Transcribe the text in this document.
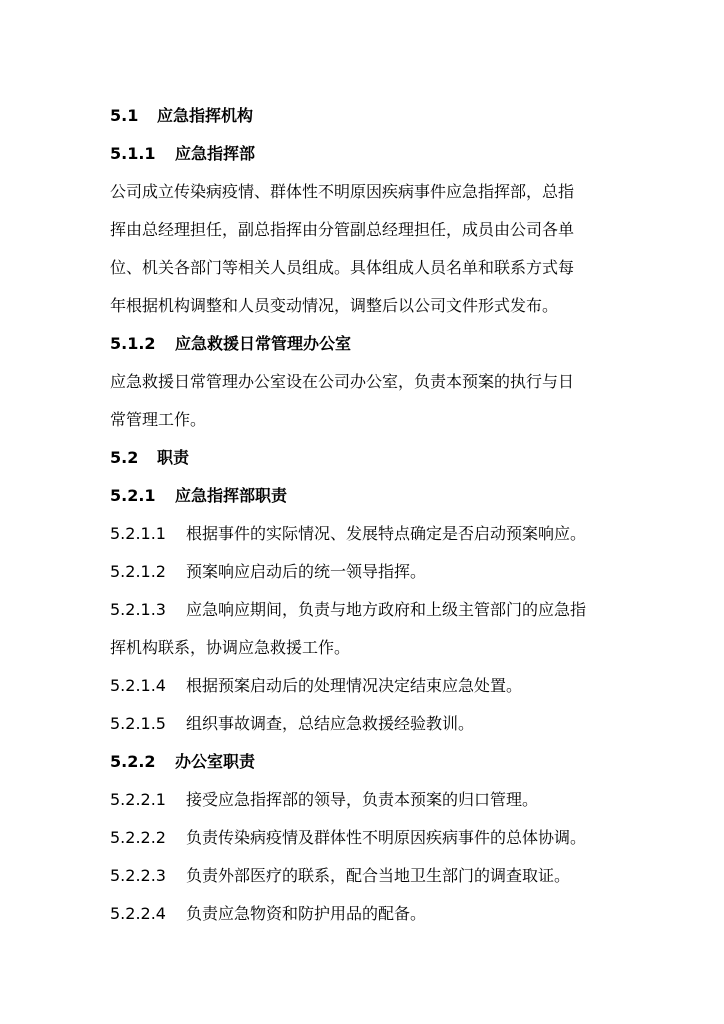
5.1 应急指挥机构
5.1.1 应急指挥部
公司成立传染病疫情、群体性不明原因疾病事件应急指挥部，总指
挥由总经理担任，副总指挥由分管副总经理担任，成员由公司各单
位、机关各部门等相关人员组成。具体组成人员名单和联系方式每
年根据机构调整和人员变动情况，调整后以公司文件形式发布。
5.1.2 应急救援日常管理办公室
应急救援日常管理办公室设在公司办公室，负责本预案的执行与日
常管理工作。
5.2 职责
5.2.1 应急指挥部职责
5.2.1.1 根据事件的实际情况、发展特点确定是否启动预案响应。
5.2.1.2 预案响应启动后的统一领导指挥。
5.2.1.3 应急响应期间，负责与地方政府和上级主管部门的应急指
挥机构联系，协调应急救援工作。
5.2.1.4 根据预案启动后的处理情况决定结束应急处置。
5.2.1.5 组织事故调查，总结应急救援经验教训。
5.2.2 办公室职责
5.2.2.1 接受应急指挥部的领导，负责本预案的归口管理。
5.2.2.2 负责传染病疫情及群体性不明原因疾病事件的总体协调。
5.2.2.3 负责外部医疗的联系，配合当地卫生部门的调查取证。
5.2.2.4 负责应急物资和防护用品的配备。
